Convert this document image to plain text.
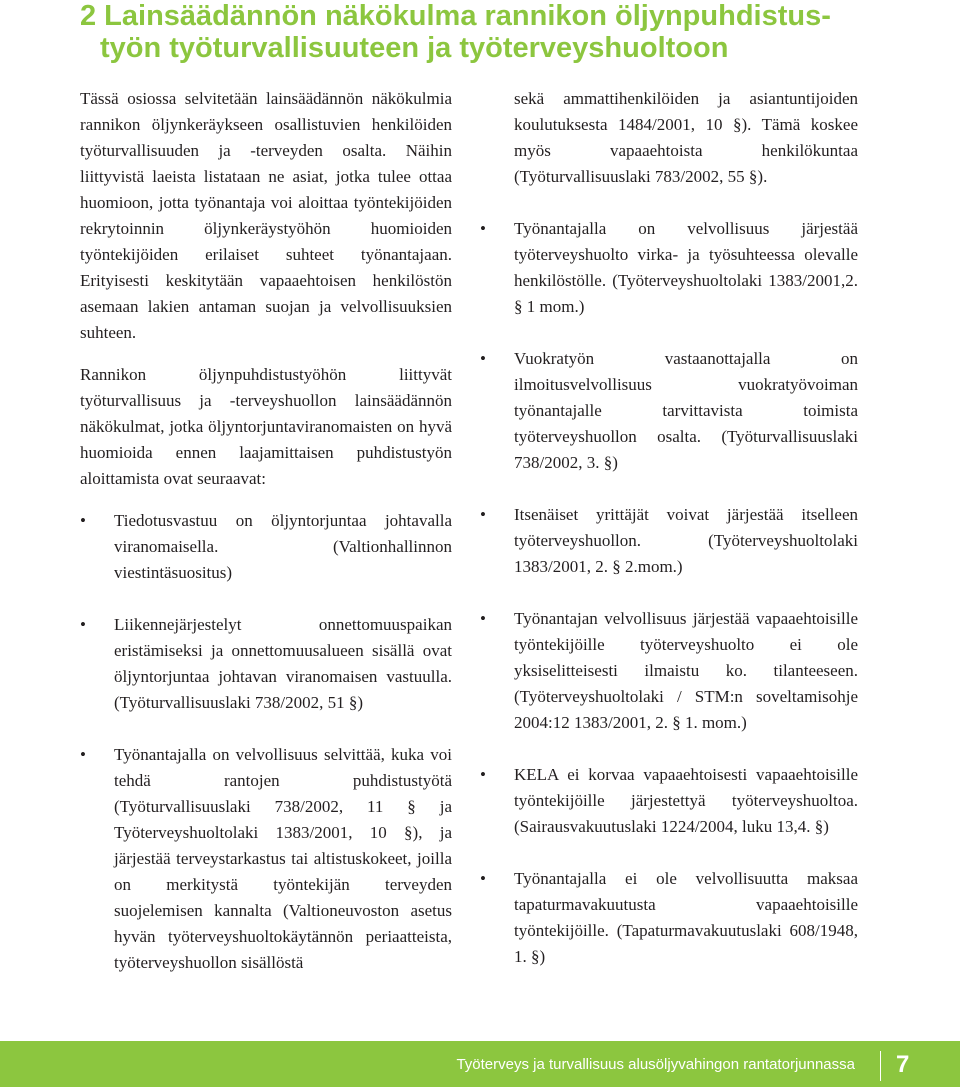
2 Lainsäädännön näkökulma rannikon öljynpuhdistus-
työn työturvallisuuteen ja työterveyshuoltoon

Tässä osiossa selvitetään lainsäädännön näkökulmia rannikon öljynkeräykseen osallistuvien henkilöiden työturvallisuuden ja -terveyden osalta. Näihin liittyvistä laeista listataan ne asiat, jotka tulee ottaa huomioon, jotta työnantaja voi aloittaa työntekijöiden rekrytoinnin öljynkeräystyöhön huomioiden työntekijöiden erilaiset suhteet työnantajaan. Erityisesti keskitytään vapaaehtoisen henkilöstön asemaan lakien antaman suojan ja velvollisuuksien suhteen.

Rannikon öljynpuhdistustyöhön liittyvät työturvallisuus ja -terveyshuollon lainsäädännön näkökulmat, jotka öljyntorjuntaviranomaisten on hyvä huomioida ennen laajamittaisen puhdistustyön aloittamista ovat seuraavat:

• Tiedotusvastuu on öljyntorjuntaa johtavalla viranomaisella. (Valtionhallinnon viestintäsuositus)
• Liikennejärjestelyt onnettomuuspaikan eristämiseksi ja onnettomuusalueen sisällä ovat öljyntorjuntaa johtavan viranomaisen vastuulla. (Työturvallisuuslaki 738/2002, 51 §)
• Työnantajalla on velvollisuus selvittää, kuka voi tehdä rantojen puhdistustyötä (Työturvallisuuslaki 738/2002, 11 § ja Työterveyshuoltolaki 1383/2001, 10 §), ja järjestää terveystarkastus tai altistuskokeet, joilla on merkitystä työntekijän terveyden suojelemisen kannalta (Valtioneuvoston asetus hyvän työterveyshuoltokäytännön periaatteista, työterveyshuollon sisällöstä

sekä ammattihenkilöiden ja asiantuntijoiden koulutuksesta 1484/2001, 10 §). Tämä koskee myös vapaaehtoista henkilökuntaa (Työturvallisuuslaki 783/2002, 55 §).

• Työnantajalla on velvollisuus järjestää työterveyshuolto virka- ja työsuhteessa olevalle henkilöstölle. (Työterveyshuoltolaki 1383/2001,2. § 1 mom.)
• Vuokratyön vastaanottajalla on ilmoitusvelvollisuus vuokratyövoiman työnantajalle tarvittavista toimista työterveyshuollon osalta. (Työturvallisuuslaki 738/2002, 3. §)
• Itsenäiset yrittäjät voivat järjestää itselleen työterveyshuollon. (Työterveyshuoltolaki 1383/2001, 2. § 2.mom.)
• Työnantajan velvollisuus järjestää vapaaehtoisille työntekijöille työterveyshuolto ei ole yksiselitteisesti ilmaistu ko. tilanteeseen. (Työterveyshuoltolaki / STM:n soveltamisohje 2004:12 1383/2001, 2. § 1. mom.)
• KELA ei korvaa vapaaehtoisesti vapaaehtoisille työntekijöille järjestettyä työterveyshuoltoa. (Sairausvakuutuslaki 1224/2004, luku 13,4. §)
• Työnantajalla ei ole velvollisuutta maksaa tapaturmavakuutusta vapaaehtoisille työntekijöille. (Tapaturmavakuutuslaki 608/1948, 1. §)
Työterveys ja turvallisuus alusöljyvahingon rantatorjunnassa 7
